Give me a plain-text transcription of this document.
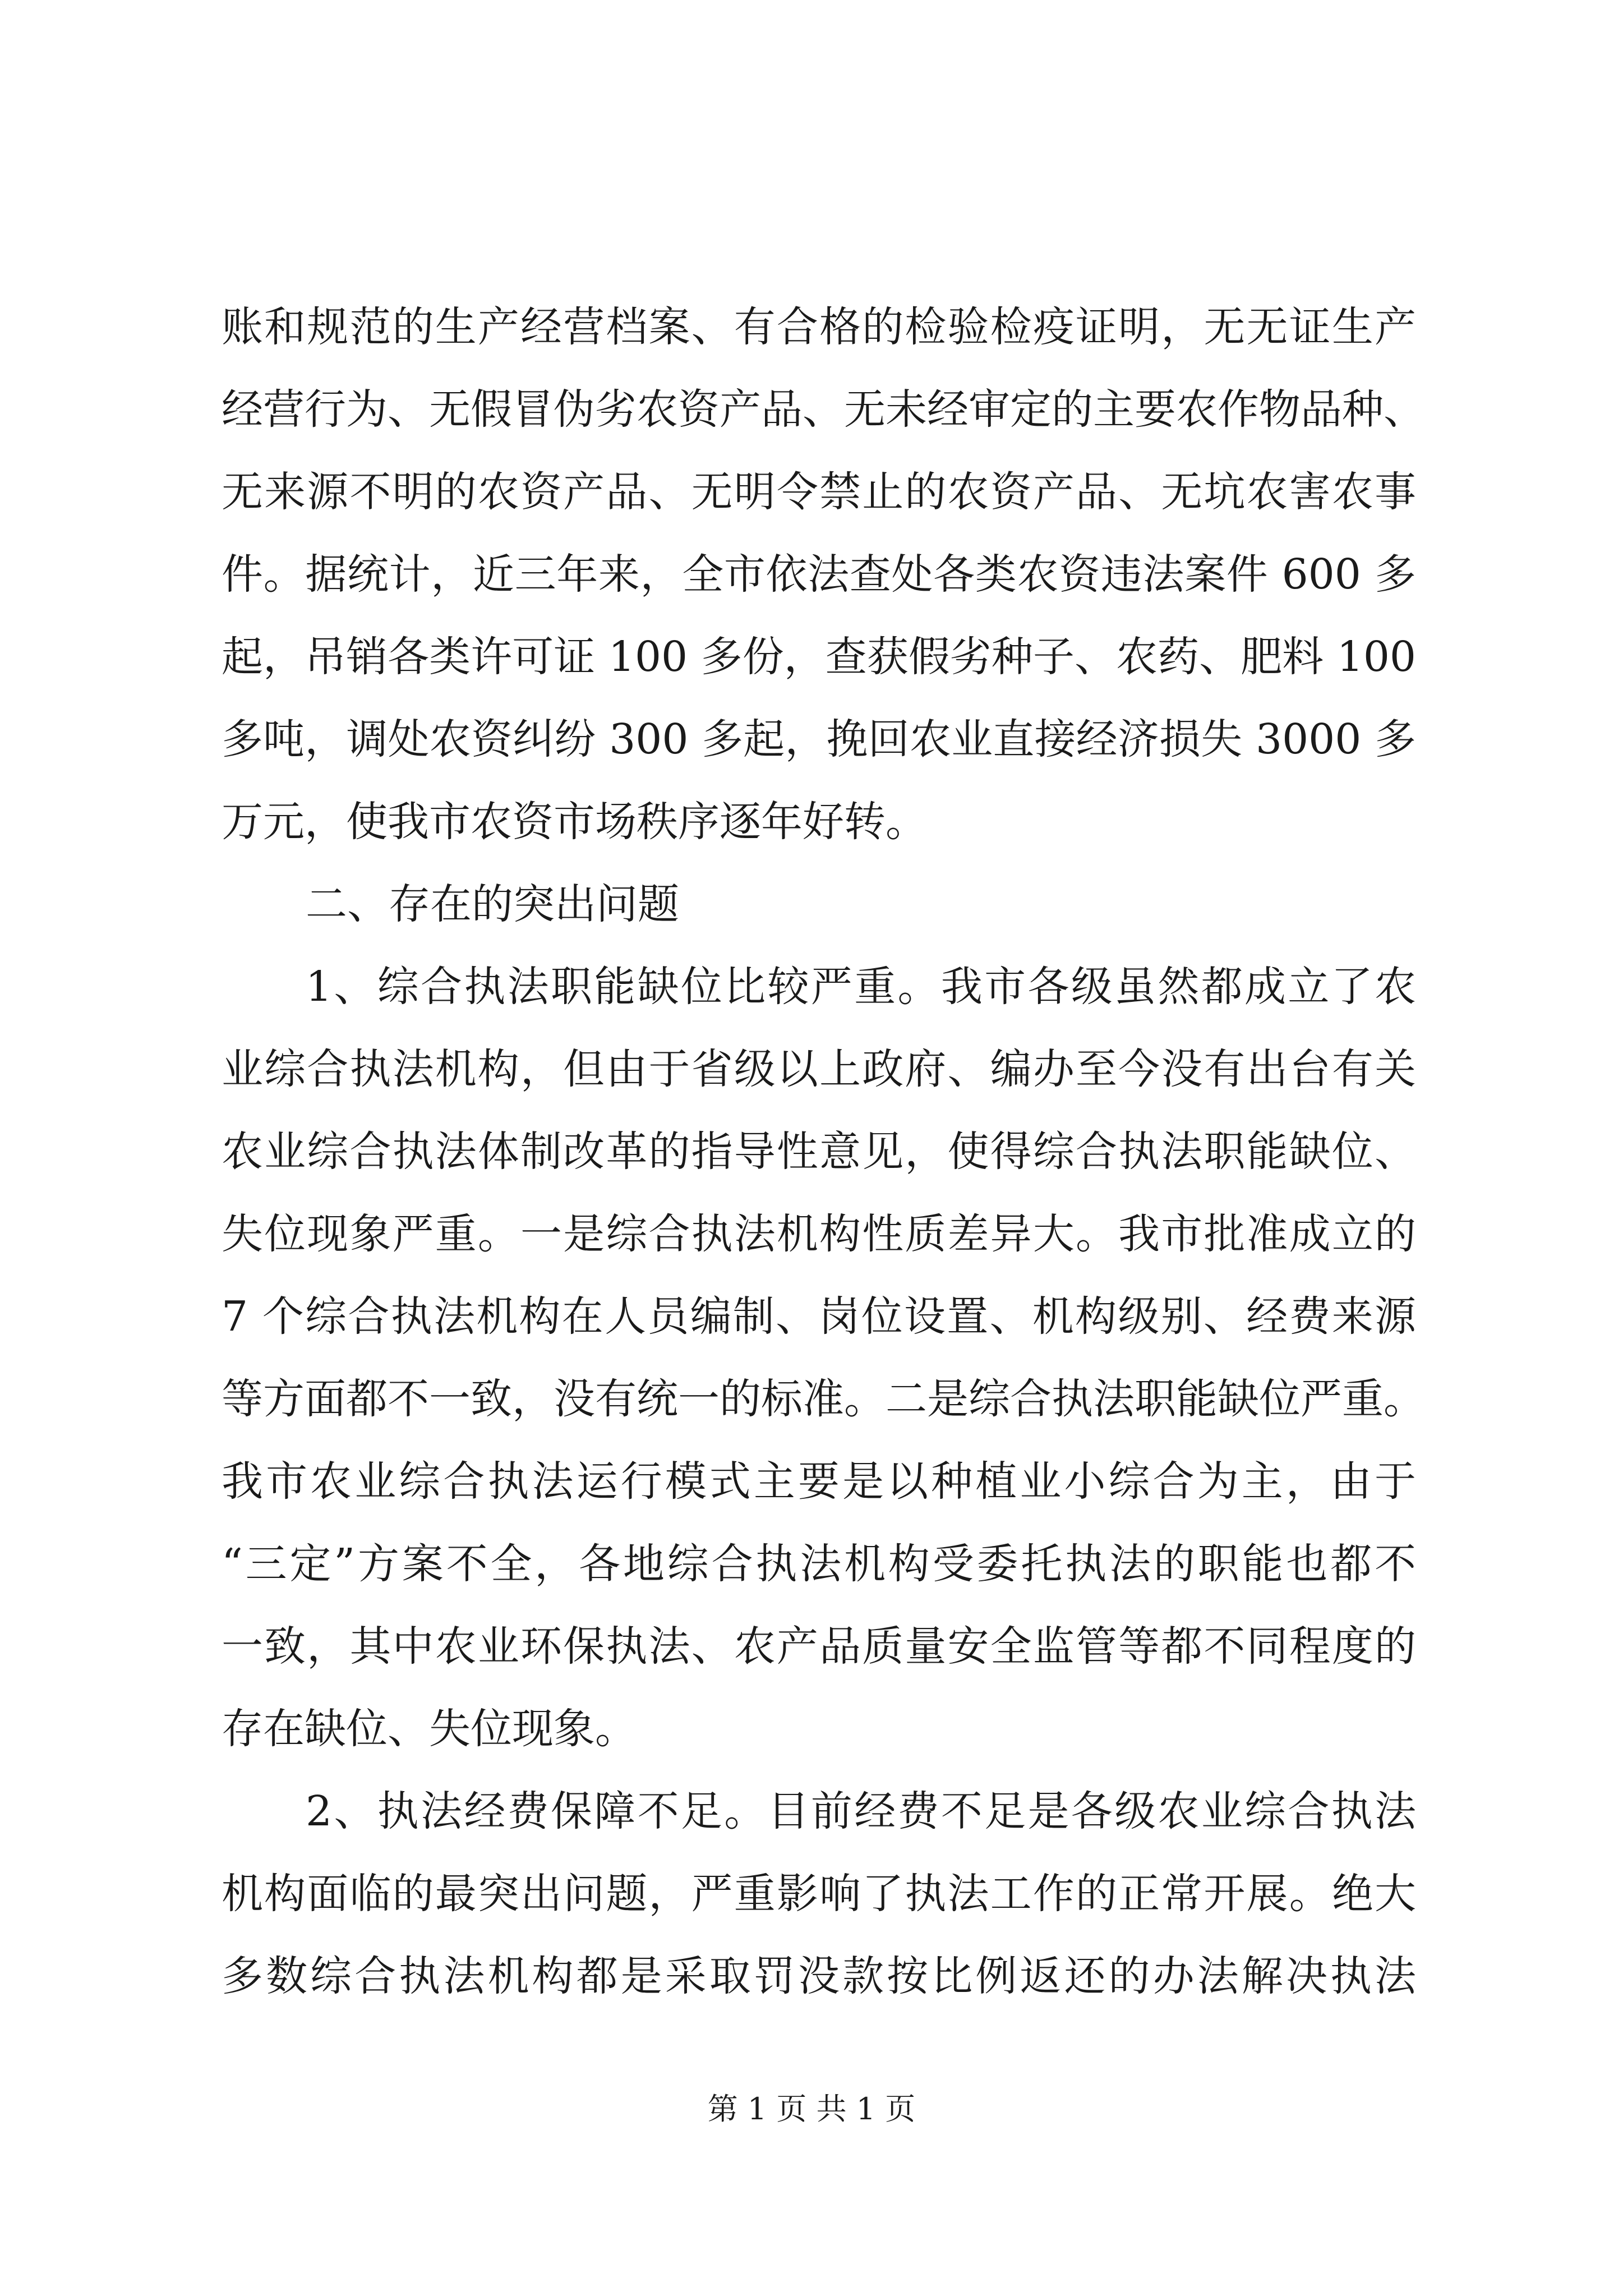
账和规范的生产经营档案、有合格的检验检疫证明，无无证生产
经营行为、无假冒伪劣农资产品、无未经审定的主要农作物品种、
无来源不明的农资产品、无明令禁止的农资产品、无坑农害农事
件。据统计，近三年来，全市依法查处各类农资违法案件 600 多
起，吊销各类许可证 100 多份，查获假劣种子、农药、肥料 100
多吨，调处农资纠纷 300 多起，挽回农业直接经济损失 3000 多
万元，使我市农资市场秩序逐年好转。
二、存在的突出问题
1、综合执法职能缺位比较严重。我市各级虽然都成立了农
业综合执法机构，但由于省级以上政府、编办至今没有出台有关
农业综合执法体制改革的指导性意见，使得综合执法职能缺位、
失位现象严重。一是综合执法机构性质差异大。我市批准成立的
7 个综合执法机构在人员编制、岗位设置、机构级别、经费来源
等方面都不一致，没有统一的标准。二是综合执法职能缺位严重。
我市农业综合执法运行模式主要是以种植业小综合为主，由于
“三定”方案不全，各地综合执法机构受委托执法的职能也都不
一致，其中农业环保执法、农产品质量安全监管等都不同程度的
存在缺位、失位现象。
2、执法经费保障不足。目前经费不足是各级农业综合执法
机构面临的最突出问题，严重影响了执法工作的正常开展。绝大
多数综合执法机构都是采取罚没款按比例返还的办法解决执法
第 1 页 共 1 页
